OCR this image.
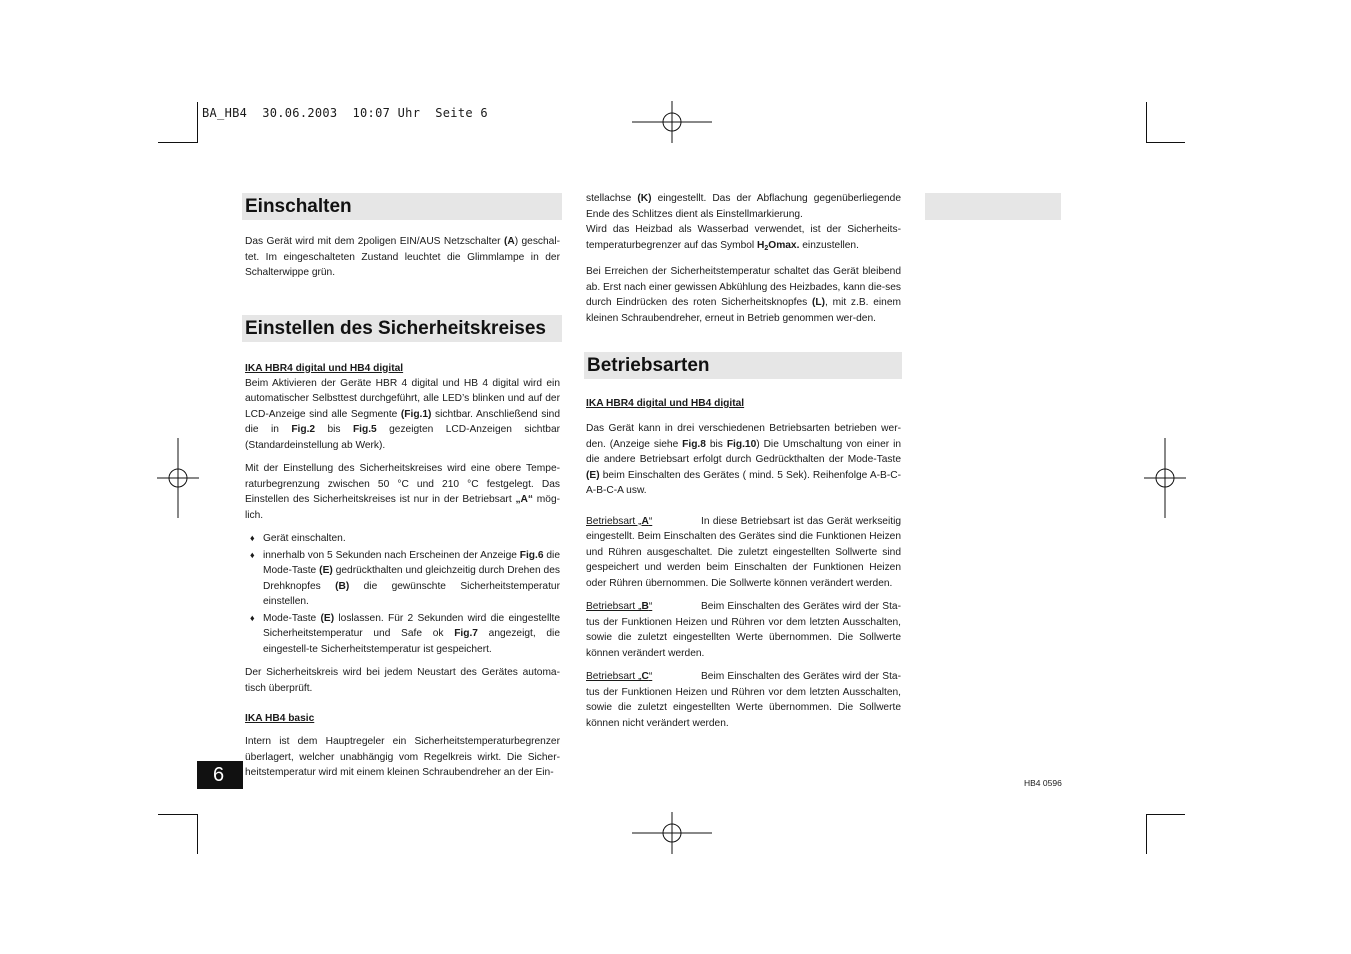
BA_HB4  30.06.2003  10:07 Uhr  Seite 6
Einschalten
Das Gerät wird mit dem 2poligen EIN/AUS Netzschalter (A) geschal-tet. Im eingeschalteten Zustand leuchtet die Glimmlampe in der Schalterwippe grün.
Einstellen des Sicherheitskreises
IKA HBR4 digital und HB4 digital
Beim Aktivieren der Geräte HBR 4 digital und HB 4 digital wird ein automatischer Selbsttest durchgeführt, alle LED’s blinken und auf der LCD-Anzeige sind alle Segmente (Fig.1) sichtbar. Anschließend sind die in Fig.2 bis Fig.5 gezeigten LCD-Anzeigen sichtbar (Standardeinstellung ab Werk).
Mit der Einstellung des Sicherheitskreises wird eine obere Tempe-raturbegrenzung zwischen 50 °C und 210 °C festgelegt. Das Einstellen des Sicherheitskreises ist nur in der Betriebsart „A“ mög-lich.
♦ Gerät einschalten.
♦ innerhalb von 5 Sekunden nach Erscheinen der Anzeige Fig.6 die Mode-Taste (E) gedrückthalten und gleichzeitig durch Drehen des Drehknopfes (B) die gewünschte Sicherheitstemperatur einstellen.
♦ Mode-Taste (E) loslassen. Für 2 Sekunden wird die eingestellte Sicherheitstemperatur und Safe ok Fig.7 angezeigt, die eingestell-te Sicherheitstemperatur ist gespeichert.
Der Sicherheitskreis wird bei jedem Neustart des Gerätes automa-tisch überprüft.
IKA HB4 basic
Intern ist dem Hauptregeler ein Sicherheitstemperaturbegrenzer überlagert, welcher unabhängig vom Regelkreis wirkt. Die Sicher-heitstemperatur wird mit einem kleinen Schraubendreher an der Ein-
stellachse (K) eingestellt. Das der Abflachung gegenüberliegende Ende des Schlitzes dient als Einstellmarkierung.
Wird das Heizbad als Wasserbad verwendet, ist der Sicherheits-temperaturbegrenzer auf das Symbol H2Omax. einzustellen.
Bei Erreichen der Sicherheitstemperatur schaltet das Gerät bleibend ab. Erst nach einer gewissen Abkühlung des Heizbades, kann die-ses durch Eindrücken des roten Sicherheitsknopfes (L), mit z.B. einem kleinen Schraubendreher, erneut in Betrieb genommen wer-den.
Betriebsarten
IKA HBR4 digital und HB4 digital
Das Gerät kann in drei verschiedenen Betriebsarten betrieben wer-den. (Anzeige siehe Fig.8 bis Fig.10) Die Umschaltung von einer in die andere Betriebsart erfolgt durch Gedrückthalten der Mode-Taste (E) beim Einschalten des Gerätes ( mind. 5 Sek). Reihenfolge A-B-C-A-B-C-A usw.
Betriebsart „A“	In diese Betriebsart ist das Gerät werkseitig eingestellt. Beim Einschalten des Gerätes sind die Funktionen Heizen und Rühren ausgeschaltet. Die zuletzt eingestellten Sollwerte sind gespeichert und werden beim Einschalten der Funktionen Heizen oder Rühren übernommen. Die Sollwerte können verändert werden.
Betriebsart „B“	Beim Einschalten des Gerätes wird der Sta-tus der Funktionen Heizen und Rühren vor dem letzten Ausschalten, sowie die zuletzt eingestellten Werte übernommen. Die Sollwerte können verändert werden.
Betriebsart „C“	Beim Einschalten des Gerätes wird der Sta-tus der Funktionen Heizen und Rühren vor dem letzten Ausschalten, sowie die zuletzt eingestellten Werte übernommen. Die Sollwerte können nicht verändert werden.
6	HB4 0596
